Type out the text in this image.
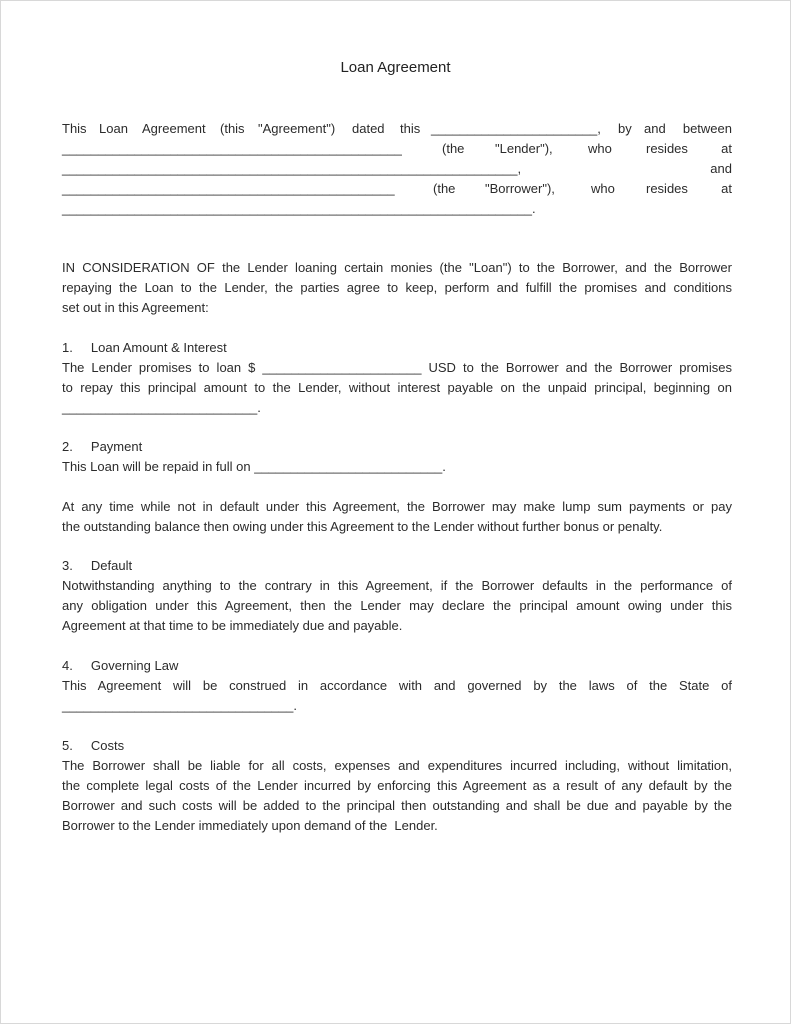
Loan Agreement
This Loan Agreement (this "Agreement") dated this _______________________, by and between
_______________________________________________	(the "Lender"),	who	resides	at
_______________________________________________________________,	and
______________________________________________	(the "Borrower"),	who resides	at
_________________________________________________________________.
IN CONSIDERATION OF the Lender loaning certain monies (the "Loan") to the Borrower, and the Borrower
repaying the Loan to the Lender, the parties agree to keep, perform and fulfill the promises and conditions
set out in this Agreement:
1.     Loan Amount & Interest
The Lender promises to loan $ ______________________ USD to the Borrower and the Borrower promises
to repay this principal amount to the Lender, without interest payable on the unpaid principal, beginning on
___________________________.
2.     Payment
This Loan will be repaid in full on __________________________.
At any time while not in default under this Agreement, the Borrower may make lump sum payments or pay
the outstanding balance then owing under this Agreement to the Lender without further bonus or penalty.
3.     Default
Notwithstanding anything to the contrary in this Agreement, if the Borrower defaults in the performance of
any obligation under this Agreement, then the Lender may declare the principal amount owing under this
Agreement at that time to be immediately due and payable.
4.     Governing Law
This Agreement will be construed in accordance with and governed by the laws of the State of
________________________________.
5.     Costs
The Borrower shall be liable for all costs, expenses and expenditures incurred including, without limitation,
the complete legal costs of the Lender incurred by enforcing this Agreement as a result of any default by the
Borrower and such costs will be added to the principal then outstanding and shall be due and payable by the
Borrower to the Lender immediately upon demand of the  Lender.
